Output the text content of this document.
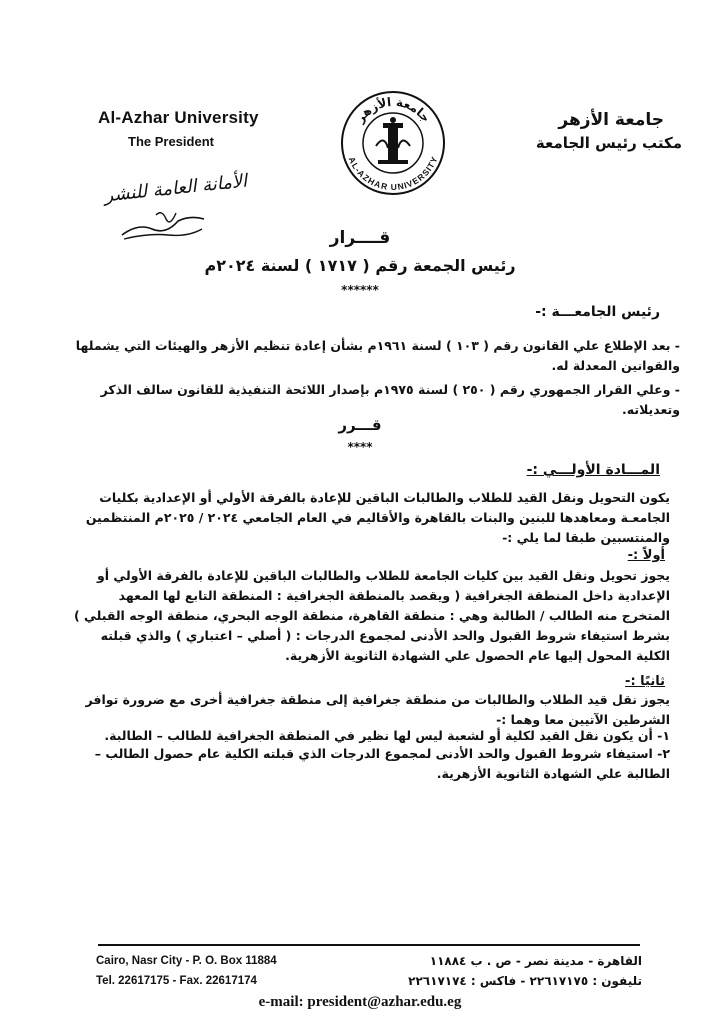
Al-Azhar University
The President
جامعة الأزهر
مكتب رئيس الجامعة
جامعة الأزهر
AL-AZHAR UNIVERSITY
الأمانة العامة للنشر
قــــرار
رئيس الجمعة رقم ( ١٧١٧ ) لسنة ٢٠٢٤م
******
رئيس الجامعـــة :-
- بعد الإطلاع علي القانون رقم ( ١٠٣ ) لسنة ١٩٦١م بشأن إعادة تنظيم الأزهر والهيئات التي يشملها والقوانين المعدلة له.
- وعلي القرار الجمهوري رقم ( ٢٥٠ ) لسنة ١٩٧٥م بإصدار اللائحة التنفيذية للقانون سالف الذكر وتعديلاته.
قـــرر
****
المـــادة الأولـــي :-
يكون التحويل ونقل القيد للطلاب والطالبات الباقين للإعادة بالفرقة الأولي أو الإعدادية بكليات الجامعـة ومعاهدها للبنين والبنات بالقاهرة والأقاليم في العام الجامعي ٢٠٢٤ / ٢٠٢٥م المنتظمين والمنتسبين طبقا لما يلي :-
أولاً :-
يجوز تحويل ونقل القيد بين كليات الجامعة للطلاب والطالبات الباقين للإعادة بالفرقة الأولي أو الإعدادية داخل المنطقة الجغرافية ( ويقصد بالمنطقة الجغرافية : المنطقة التابع لها المعهد المتخرج منه الطالب / الطالبة وهي : منطقة القاهرة، منطقة الوجه البحري، منطقة الوجه القبلي ) بشرط استيفاء شروط القبول والحد الأدنى لمجموع الدرجات : ( أصلي – اعتباري ) والذي قبلته الكلية المحول إليها عام الحصول علي الشهادة الثانوية الأزهرية.
ثانيًا :-
يجوز نقل قيد الطلاب والطالبات من منطقة جغرافية إلى منطقة جغرافية أخرى مع ضرورة توافر الشرطين الآتيين معا وهما :-
١- أن يكون نقل القيد لكلية أو لشعبة ليس لها نظير في المنطقة الجغرافية للطالب – الطالبة.
٢- استيفاء شروط القبول والحد الأدنى لمجموع الدرجات الذي قبلته الكلية عام حصول الطالب – الطالبة علي الشهادة الثانوية الأزهرية.
Cairo, Nasr City - P. O. Box 11884
Tel. 22617175 - Fax. 22617174
القاهرة - مدينة نصر - ص . ب ١١٨٨٤
تليفون : ٢٢٦١٧١٧٥ - فاكس : ٢٢٦١٧١٧٤
e-mail: president@azhar.edu.eg
